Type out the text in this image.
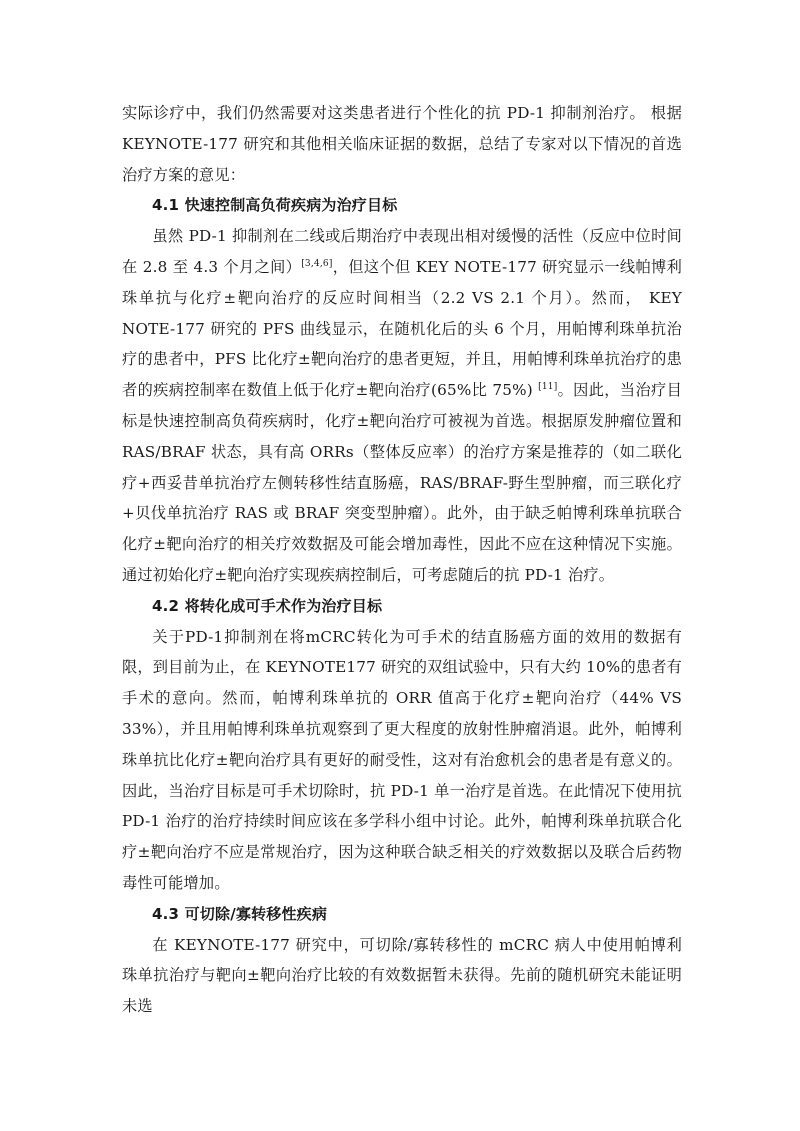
实际诊疗中，我们仍然需要对这类患者进行个性化的抗 PD-1 抑制剂治疗。 根据 KEYNOTE-177 研究和其他相关临床证据的数据，总结了专家对以下情况的首选治疗方案的意见：

4.1 快速控制高负荷疾病为治疗目标

虽然 PD-1 抑制剂在二线或后期治疗中表现出相对缓慢的活性（反应中位时间在 2.8 至 4.3 个月之间）[3,4,6]，但这个但 KEY NOTE-177 研究显示一线帕博利珠单抗与化疗±靶向治疗的反应时间相当（2.2 VS 2.1 个月）。然而， KEY NOTE-177 研究的 PFS 曲线显示，在随机化后的头 6 个月，用帕博利珠单抗治疗的患者中，PFS 比化疗±靶向治疗的患者更短，并且，用帕博利珠单抗治疗的患者的疾病控制率在数值上低于化疗±靶向治疗(65%比 75%) [11]。因此，当治疗目标是快速控制高负荷疾病时，化疗±靶向治疗可被视为首选。根据原发肿瘤位置和 RAS/BRAF 状态，具有高 ORRs（整体反应率）的治疗方案是推荐的（如二联化疗+西妥昔单抗治疗左侧转移性结直肠癌，RAS/BRAF-野生型肿瘤，而三联化疗+贝伐单抗治疗 RAS 或 BRAF 突变型肿瘤）。此外，由于缺乏帕博利珠单抗联合化疗±靶向治疗的相关疗效数据及可能会增加毒性，因此不应在这种情况下实施。通过初始化疗±靶向治疗实现疾病控制后，可考虑随后的抗 PD-1 治疗。

4.2 将转化成可手术作为治疗目标

关于PD-1抑制剂在将mCRC转化为可手术的结直肠癌方面的效用的数据有限，到目前为止，在 KEYNOTE177 研究的双组试验中，只有大约 10%的患者有手术的意向。然而，帕博利珠单抗的 ORR 值高于化疗±靶向治疗（44% VS 33%），并且用帕博利珠单抗观察到了更大程度的放射性肿瘤消退。此外，帕博利珠单抗比化疗±靶向治疗具有更好的耐受性，这对有治愈机会的患者是有意义的。因此，当治疗目标是可手术切除时，抗 PD-1 单一治疗是首选。在此情况下使用抗 PD-1 治疗的治疗持续时间应该在多学科小组中讨论。此外，帕博利珠单抗联合化疗±靶向治疗不应是常规治疗，因为这种联合缺乏相关的疗效数据以及联合后药物毒性可能增加。

4.3 可切除/寡转移性疾病

在 KEYNOTE-177 研究中，可切除/寡转移性的 mCRC 病人中使用帕博利珠单抗治疗与靶向±靶向治疗比较的有效数据暂未获得。先前的随机研究未能证明未选
